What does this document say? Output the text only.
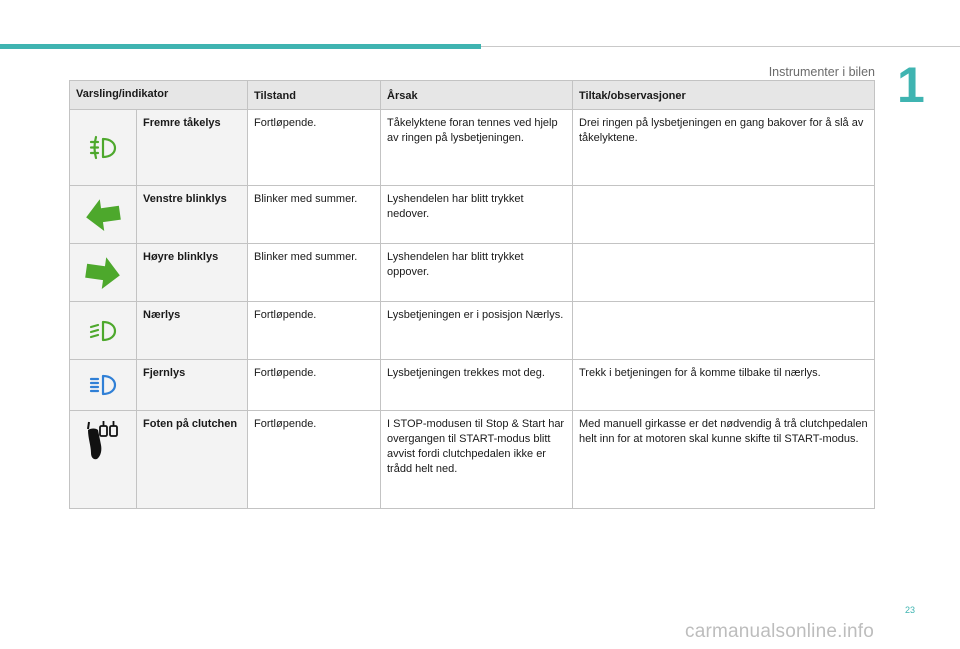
Instrumenter i bilen 1
Varsling/indikator		Tilstand	Årsak	Tiltak/observasjoner

	Fremre tåkelys	Fortløpende.	Tåkelyktene foran tennes ved hjelp av ringen på lysbetjeningen.	Drei ringen på lysbetjeningen en gang bakover for å slå av tåkelyktene.

	Venstre blinklys	Blinker med summer.	Lyshendelen har blitt trykket nedover.	

	Høyre blinklys	Blinker med summer.	Lyshendelen har blitt trykket oppover.	

	Nærlys	Fortløpende.	Lysbetjeningen er i posisjon Nærlys.	

	Fjernlys	Fortløpende.	Lysbetjeningen trekkes mot deg.	Trekk i betjeningen for å komme tilbake til nærlys.

	Foten på clutchen	Fortløpende.	I STOP-modusen til Stop & Start har overgangen til START-modus blitt avvist fordi clutchpedalen ikke er trådd helt ned.	Med manuell girkasse er det nødvendig å trå clutchpedalen helt inn for at motoren skal kunne skifte til START-modus.
23
carmanualsonline.info
